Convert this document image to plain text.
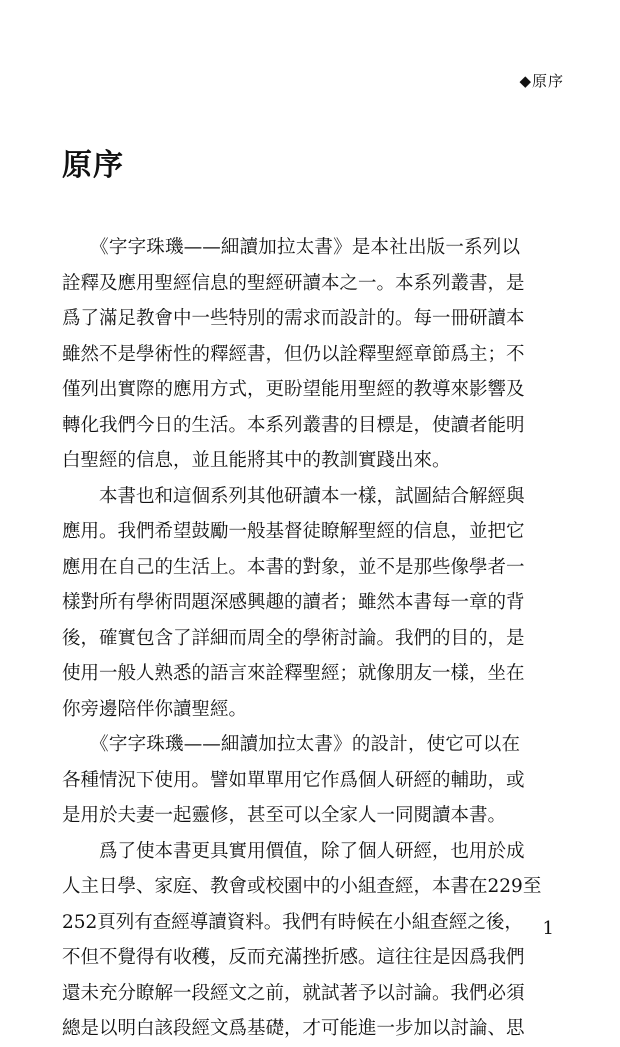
◆原序
原序
　　《字字珠璣——細讀加拉太書》是本社出版一系列以
詮釋及應用聖經信息的聖經研讀本之一。本系列叢書，是
爲了滿足教會中一些特別的需求而設計的。每一冊研讀本
雖然不是學術性的釋經書，但仍以詮釋聖經章節爲主；不
僅列出實際的應用方式，更盼望能用聖經的教導來影響及
轉化我們今日的生活。本系列叢書的目標是，使讀者能明
白聖經的信息，並且能將其中的教訓實踐出來。
　　本書也和這個系列其他研讀本一樣，試圖結合解經與
應用。我們希望鼓勵一般基督徒瞭解聖經的信息，並把它
應用在自己的生活上。本書的對象，並不是那些像學者一
樣對所有學術問題深感興趣的讀者；雖然本書每一章的背
後，確實包含了詳細而周全的學術討論。我們的目的，是
使用一般人熟悉的語言來詮釋聖經；就像朋友一樣，坐在
你旁邊陪伴你讀聖經。
　　《字字珠璣——細讀加拉太書》的設計，使它可以在
各種情況下使用。譬如單單用它作爲個人研經的輔助，或
是用於夫妻一起靈修，甚至可以全家人一同閱讀本書。
　　爲了使本書更具實用價值，除了個人研經，也用於成
人主日學、家庭、教會或校園中的小組查經，本書在229至
252頁列有查經導讀資料。我們有時候在小組查經之後，
不但不覺得有收穫，反而充滿挫折感。這往往是因爲我們
還未充分瞭解一段經文之前，就試著予以討論。我們必須
總是以明白該段經文爲基礎，才可能進一步加以討論、思
1
